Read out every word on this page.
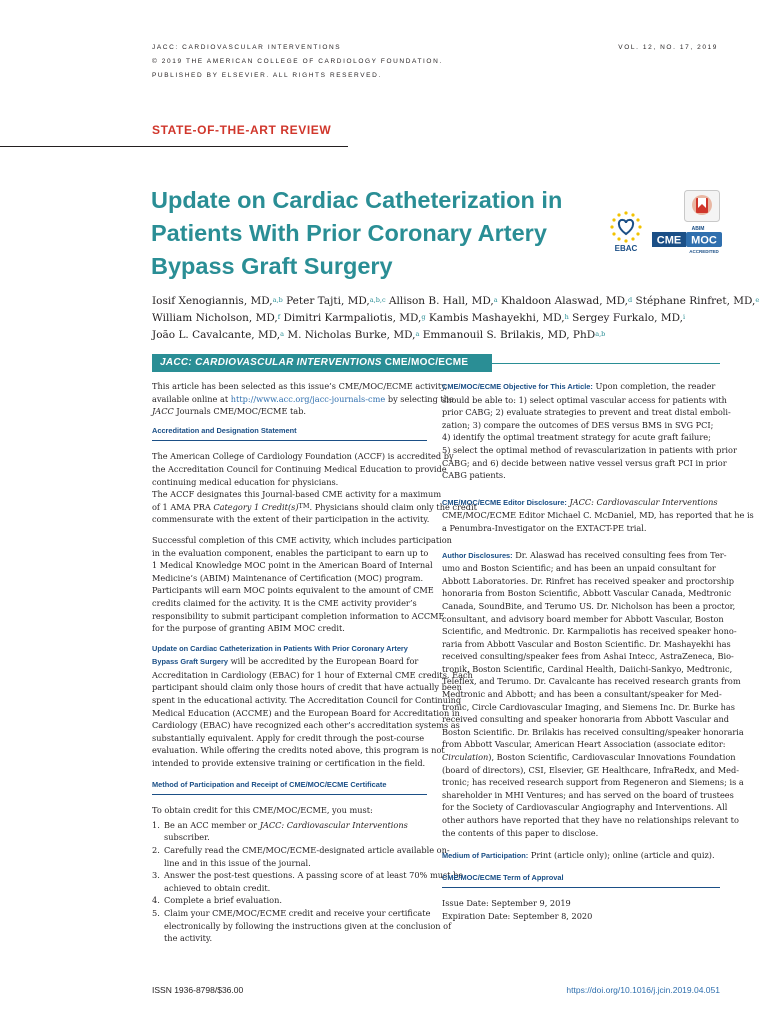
JACC: CARDIOVASCULAR INTERVENTIONS
© 2019 THE AMERICAN COLLEGE OF CARDIOLOGY FOUNDATION.
PUBLISHED BY ELSEVIER. ALL RIGHTS RESERVED.
VOL. 12, NO. 17, 2019
STATE-OF-THE-ART REVIEW
Update on Cardiac Catheterization in
Patients With Prior Coronary Artery
Bypass Graft Surgery
EBAC
ABIM
CME MOC
ACCREDITED
Iosif Xenogiannis, MD,$^{a,b}$ Peter Tajti, MD,$^{a,b,c}$ Allison B. Hall, MD,$^a$ Khaldoon Alaswad, MD,$^d$ Stéphane Rinfret, MD,$^e$
William Nicholson, MD,$^f$ Dimitri Karmpaliotis, MD,$^g$ Kambis Mashayekhi, MD,$^h$ Sergey Furkalo, MD,$^i$
João L. Cavalcante, MD,$^a$ M. Nicholas Burke, MD,$^a$ Emmanouil S. Brilakis, MD, PhD$^{a,b}$
JACC: CARDIOVASCULAR INTERVENTIONS CME/MOC/ECME

This article has been selected as this issue’s CME/MOC/ECME activity,
available online at http://www.acc.org/jacc-journals-cme by selecting the
JACC Journals CME/MOC/ECME tab.

Accreditation and Designation Statement

The American College of Cardiology Foundation (ACCF) is accredited by
the Accreditation Council for Continuing Medical Education to provide
continuing medical education for physicians.
The ACCF designates this Journal-based CME activity for a maximum
of 1 AMA PRA Category 1 Credit(s)™. Physicians should claim only the credit
commensurate with the extent of their participation in the activity.

Successful completion of this CME activity, which includes participation
in the evaluation component, enables the participant to earn up to
1 Medical Knowledge MOC point in the American Board of Internal
Medicine’s (ABIM) Maintenance of Certification (MOC) program.
Participants will earn MOC points equivalent to the amount of CME
credits claimed for the activity. It is the CME activity provider’s
responsibility to submit participant completion information to ACCME
for the purpose of granting ABIM MOC credit.

Update on Cardiac Catheterization in Patients With Prior Coronary Artery
Bypass Graft Surgery will be accredited by the European Board for
Accreditation in Cardiology (EBAC) for 1 hour of External CME credits. Each
participant should claim only those hours of credit that have actually been
spent in the educational activity. The Accreditation Council for Continuing
Medical Education (ACCME) and the European Board for Accreditation in
Cardiology (EBAC) have recognized each other’s accreditation systems as
substantially equivalent. Apply for credit through the post-course
evaluation. While offering the credits noted above, this program is not
intended to provide extensive training or certification in the field.

Method of Participation and Receipt of CME/MOC/ECME Certificate

To obtain credit for this CME/MOC/ECME, you must:

1. Be an ACC member or JACC: Cardiovascular Interventions subscriber.
2. Carefully read the CME/MOC/ECME-designated article available on-
line and in this issue of the journal.
3. Answer the post-test questions. A passing score of at least 70% must be
achieved to obtain credit.
4. Complete a brief evaluation.
5. Claim your CME/MOC/ECME credit and receive your certificate
electronically by following the instructions given at the conclusion of
the activity.

CME/MOC/ECME Objective for This Article: Upon completion, the reader
should be able to: 1) select optimal vascular access for patients with
prior CABG; 2) evaluate strategies to prevent and treat distal emboli-
zation; 3) compare the outcomes of DES versus BMS in SVG PCI;
4) identify the optimal treatment strategy for acute graft failure;
5) select the optimal method of revascularization in patients with prior
CABG; and 6) decide between native vessel versus graft PCI in prior
CABG patients.

CME/MOC/ECME Editor Disclosure: JACC: Cardiovascular Interventions
CME/MOC/ECME Editor Michael C. McDaniel, MD, has reported that he is
a Penumbra-Investigator on the EXTACT-PE trial.

Author Disclosures: Dr. Alaswad has received consulting fees from Ter-
umo and Boston Scientific; and has been an unpaid consultant for
Abbott Laboratories. Dr. Rinfret has received speaker and proctorship
honoraria from Boston Scientific, Abbott Vascular Canada, Medtronic
Canada, SoundBite, and Terumo US. Dr. Nicholson has been a proctor,
consultant, and advisory board member for Abbott Vascular, Boston
Scientific, and Medtronic. Dr. Karmpaliotis has received speaker hono-
raria from Abbott Vascular and Boston Scientific. Dr. Mashayekhi has
received consulting/speaker fees from Ashai Intecc, AstraZeneca, Bio-
tronik, Boston Scientific, Cardinal Health, Daiichi-Sankyo, Medtronic,
Teleflex, and Terumo. Dr. Cavalcante has received research grants from
Medtronic and Abbott; and has been a consultant/speaker for Med-
tronic, Circle Cardiovascular Imaging, and Siemens Inc. Dr. Burke has
received consulting and speaker honoraria from Abbott Vascular and
Boston Scientific. Dr. Brilakis has received consulting/speaker honoraria
from Abbott Vascular, American Heart Association (associate editor:
Circulation), Boston Scientific, Cardiovascular Innovations Foundation
(board of directors), CSI, Elsevier, GE Healthcare, InfraRedx, and Med-
tronic; has received research support from Regeneron and Siemens; is a
shareholder in MHI Ventures; and has served on the board of trustees
for the Society of Cardiovascular Angiography and Interventions. All
other authors have reported that they have no relationships relevant to
the contents of this paper to disclose.

Medium of Participation: Print (article only); online (article and quiz).

CME/MOC/ECME Term of Approval

Issue Date: September 9, 2019
Expiration Date: September 8, 2020

ISSN 1936-8798/$36.00	https://doi.org/10.1016/j.jcin.2019.04.051
